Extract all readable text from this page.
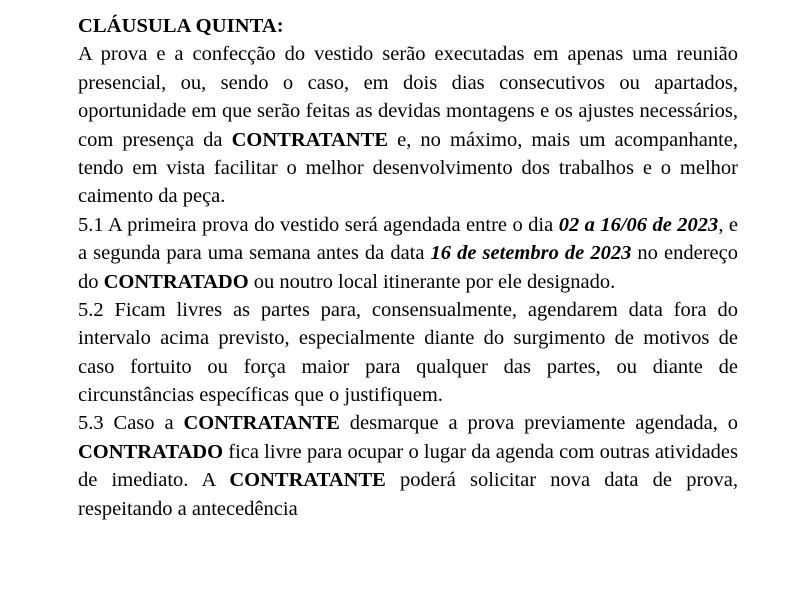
CLÁUSULA QUINTA:
A prova e a confecção do vestido serão executadas em apenas uma reunião presencial, ou, sendo o caso, em dois dias consecutivos ou apartados, oportunidade em que serão feitas as devidas montagens e os ajustes necessários, com presença da CONTRATANTE e, no máximo, mais um acompanhante, tendo em vista facilitar o melhor desenvolvimento dos trabalhos e o melhor caimento da peça.
5.1 A primeira prova do vestido será agendada entre o dia 02 a 16/06 de 2023, e a segunda para uma semana antes da data 16 de setembro de 2023 no endereço do CONTRATADO ou noutro local itinerante por ele designado.
5.2 Ficam livres as partes para, consensualmente, agendarem data fora do intervalo acima previsto, especialmente diante do surgimento de motivos de caso fortuito ou força maior para qualquer das partes, ou diante de circunstâncias específicas que o justifiquem.
5.3 Caso a CONTRATANTE desmarque a prova previamente agendada, o CONTRATADO fica livre para ocupar o lugar da agenda com outras atividades de imediato. A CONTRATANTE poderá solicitar nova data de prova, respeitando a antecedência
